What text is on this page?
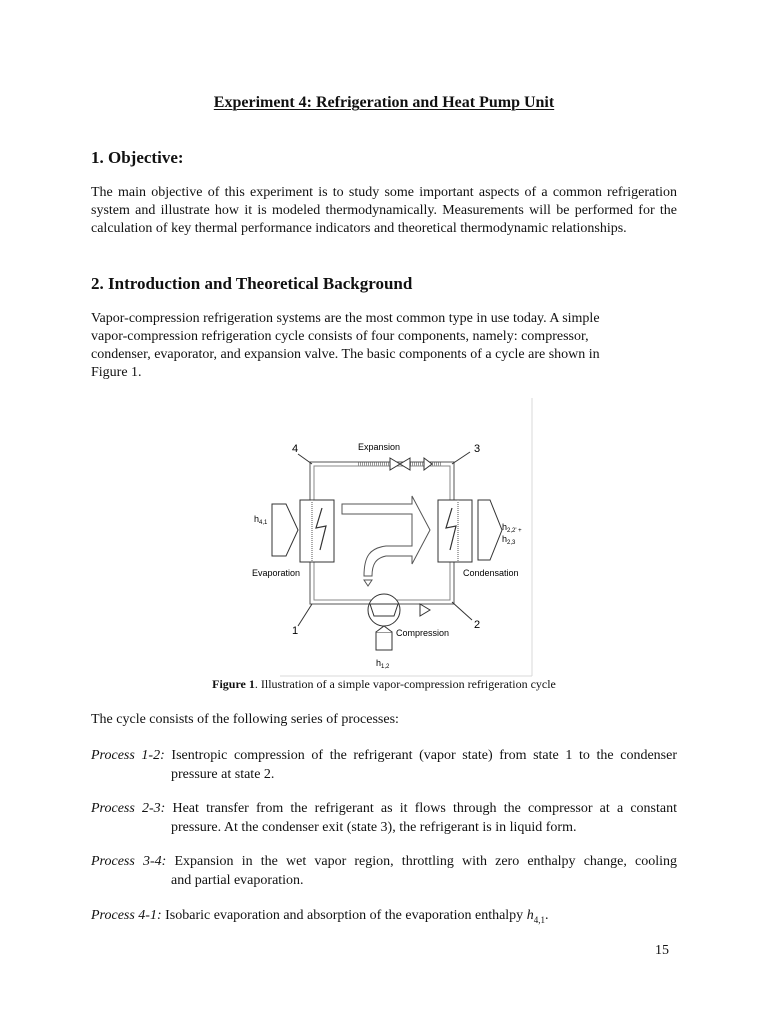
Experiment 4: Refrigeration and Heat Pump Unit
1. Objective:
The main objective of this experiment is to study some important aspects of a common refrigeration system and illustrate how it is modeled thermodynamically. Measurements will be performed for the calculation of key thermal performance indicators and theoretical thermodynamic relationships.
2. Introduction and Theoretical Background
Vapor-compression refrigeration systems are the most common type in use today. A simple
vapor-compression refrigeration cycle consists of four components, namely: compressor,
condenser, evaporator, and expansion valve. The basic components of a cycle are shown in
Figure 1.
4	3
2
1
Expansion
Evaporation	Condensation
Compression
$h_{4,1}$	$h_{2,2' +}$
$h_{2,3}$
$h_{1,2}$
Figure 1. Illustration of a simple vapor-compression refrigeration cycle
The cycle consists of the following series of processes:
Process 1-2: Isentropic compression of the refrigerant (vapor state) from state 1 to the condenser
pressure at state 2.
Process 2-3: Heat transfer from the refrigerant as it flows through the compressor at a constant
pressure. At the condenser exit (state 3), the refrigerant is in liquid form.
Process 3-4: Expansion in the wet vapor region, throttling with zero enthalpy change, cooling
and partial evaporation.
Process 4-1: Isobaric evaporation and absorption of the evaporation enthalpy $h_{4,1}$.
15
